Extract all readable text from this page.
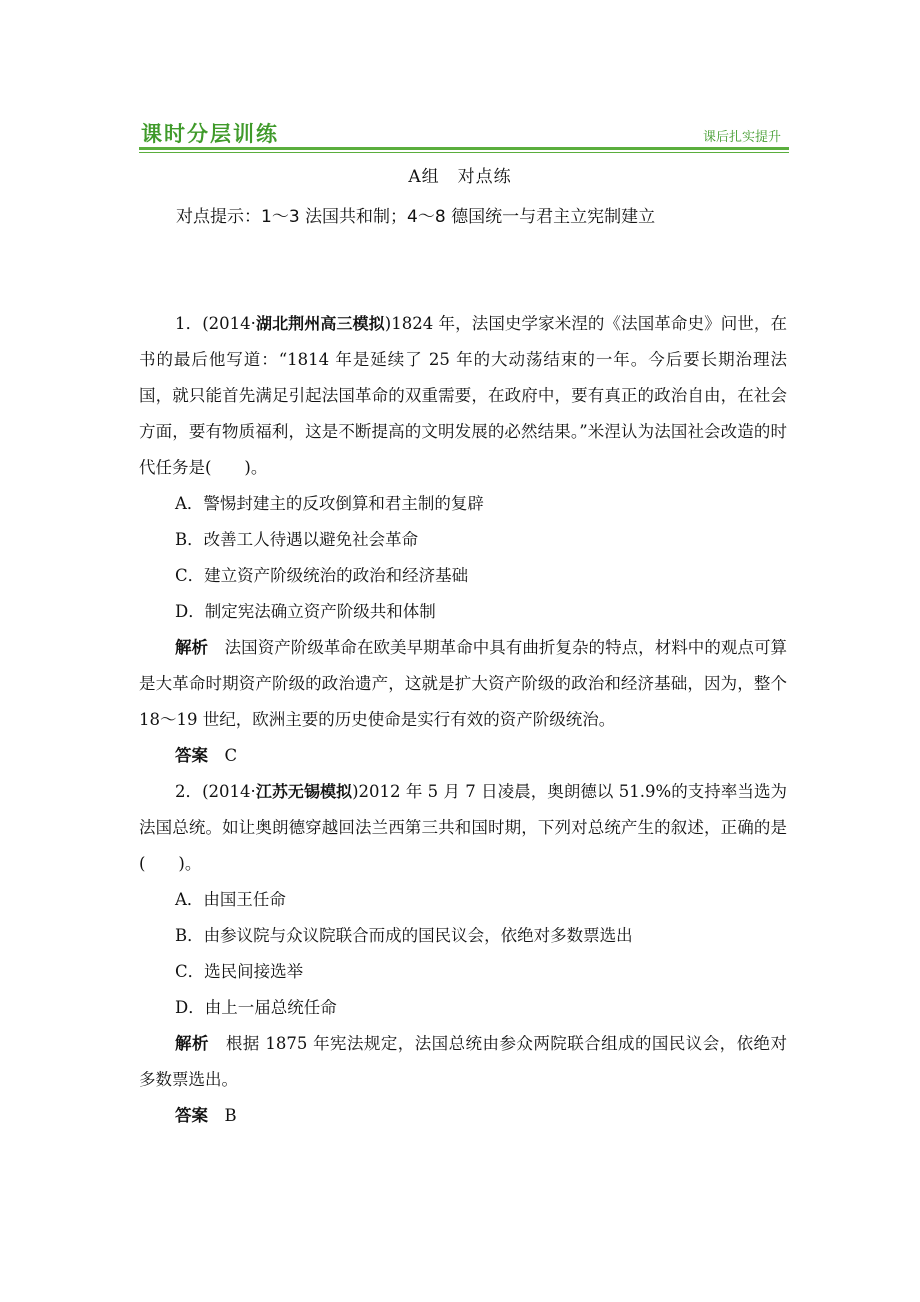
课时分层训练	课后扎实提升
A组　对点练
对点提示：1～3 法国共和制；4～8 德国统一与君主立宪制建立

1．(2014·湖北荆州高三模拟)1824 年，法国史学家米涅的《法国革命史》问世，在书的最后他写道：“1814 年是延续了 25 年的大动荡结束的一年。今后要长期治理法国，就只能首先满足引起法国革命的双重需要，在政府中，要有真正的政治自由，在社会方面，要有物质福利，这是不断提高的文明发展的必然结果。”米涅认为法国社会改造的时代任务是(　　)。

A．警惕封建主的反攻倒算和君主制的复辟

B．改善工人待遇以避免社会革命

C．建立资产阶级统治的政治和经济基础

D．制定宪法确立资产阶级共和体制

解析　法国资产阶级革命在欧美早期革命中具有曲折复杂的特点，材料中的观点可算是大革命时期资产阶级的政治遗产，这就是扩大资产阶级的政治和经济基础，因为，整个 18～19 世纪，欧洲主要的历史使命是实行有效的资产阶级统治。

答案　C

2．(2014·江苏无锡模拟)2012 年 5 月 7 日凌晨，奥朗德以 51.9%的支持率当选为法国总统。如让奥朗德穿越回法兰西第三共和国时期，下列对总统产生的叙述，正确的是(　　)。

A．由国王任命

B．由参议院与众议院联合而成的国民议会，依绝对多数票选出

C．选民间接选举

D．由上一届总统任命

解析　根据 1875 年宪法规定，法国总统由参众两院联合组成的国民议会，依绝对多数票选出。

答案　B
